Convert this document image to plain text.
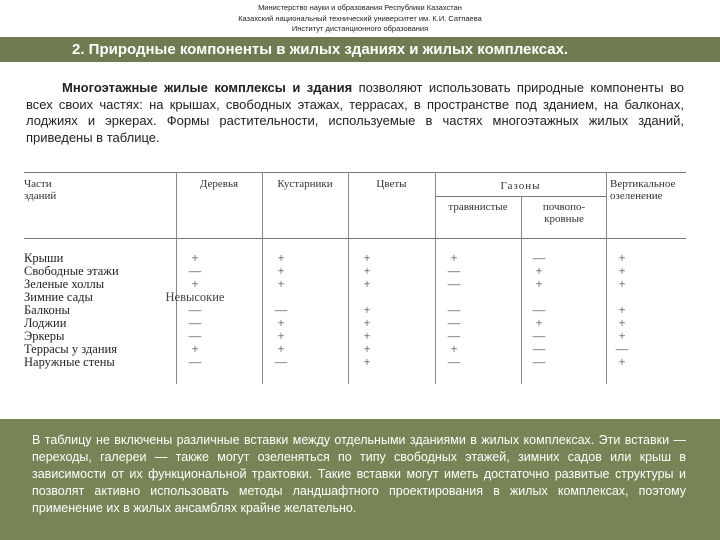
Министерство науки и образования Республики Казахстан
Казахский национальный технический университет им. К.И. Сатпаева
Институт дистанционного образования
2. Природные компоненты в жилых зданиях и жилых комплексах.
Многоэтажные жилые комплексы и здания позволяют использовать природные компоненты во всех своих частях: на крышах, свободных этажах, террасах, в пространстве под зданием, на балконах, лоджиях и эркерах. Формы растительности, используемые в частях многоэтажных жилых зданий, приведены в таблице.
Части зданий
Деревья	Кустарники	Цветы	Газоны
травянистые	почвопо-кровные
Вертикальное озеленение
Крыши	+	+	+	+	—	+
Свободные этажи	—	+	+	—	+	+
Зеленые холлы	+	+	+	—	+	+
Зимние сады	Невысокие
Балконы	—	—	+	—	—	+
Лоджии	—	+	+	—	+	+
Эркеры	—	+	+	—	—	+
Террасы у здания	+	+	+	+	—	—
Наружные стены	—	—	+	—	—	+
В таблицу не включены различные вставки между отдельными зданиями в жилых комплексах. Эти вставки — переходы, галереи — также могут озеленяться по типу свободных этажей, зимних садов или крыш в зависимости от их функциональной трактовки. Такие вставки могут иметь достаточно развитые структуры и позволят активно использовать методы ландшафтного проектирования в жилых комплексах, поэтому применение их в жилых ансамблях крайне желательно.
